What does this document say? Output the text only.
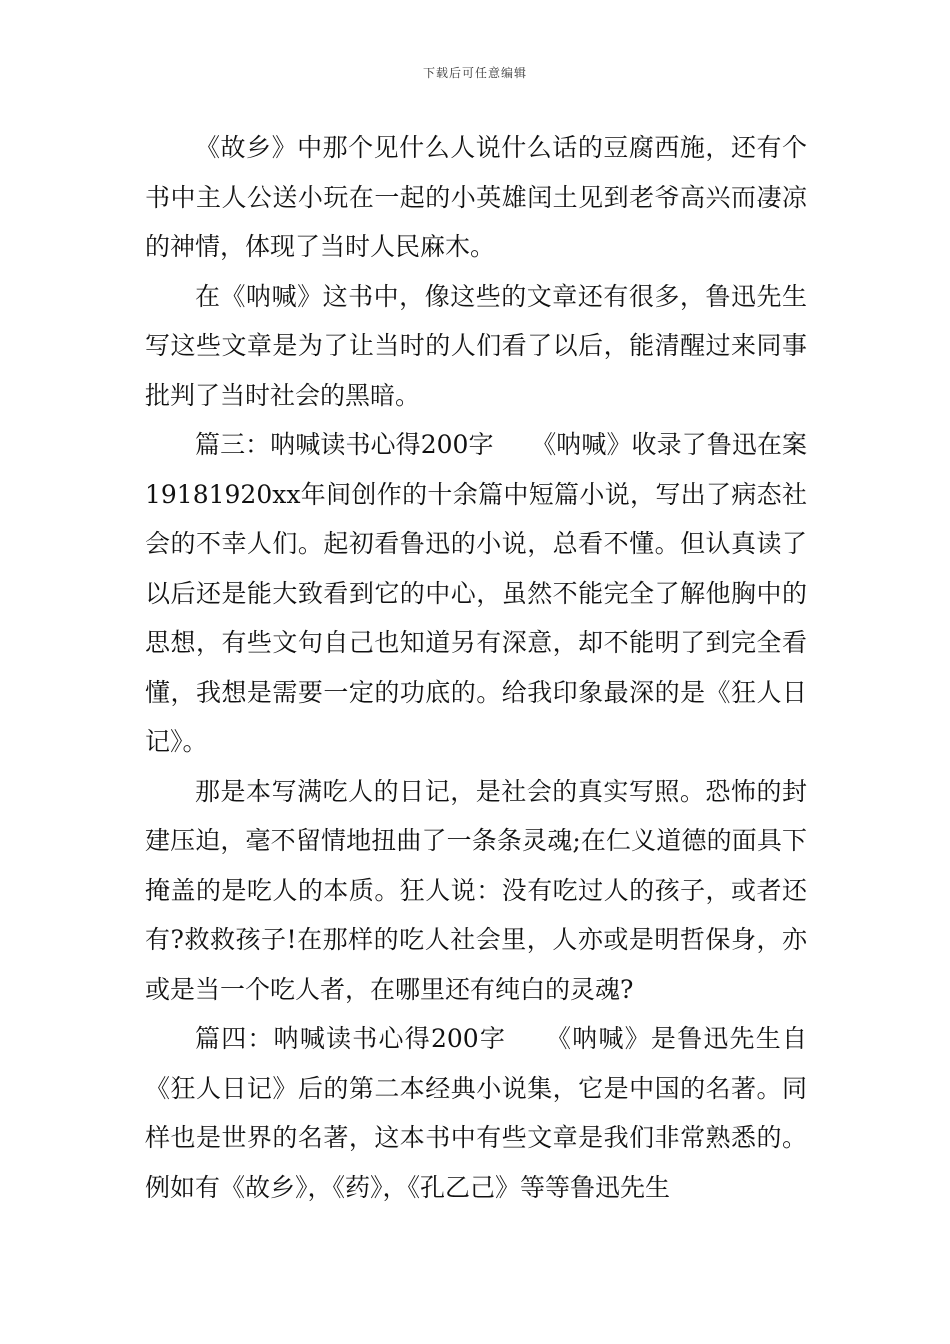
下载后可任意编辑

《故乡》中那个见什么人说什么话的豆腐西施，还有个书中主人公送小玩在一起的小英雄闰土见到老爷高兴而凄凉的神情，体现了当时人民麻木。

在《呐喊》这书中，像这些的文章还有很多，鲁迅先生写这些文章是为了让当时的人们看了以后，能清醒过来同事批判了当时社会的黑暗。

篇三：呐喊读书心得200字　　《呐喊》收录了鲁迅在案19181920xx年间创作的十余篇中短篇小说，写出了病态社会的不幸人们。起初看鲁迅的小说，总看不懂。但认真读了以后还是能大致看到它的中心，虽然不能完全了解他胸中的思想，有些文句自己也知道另有深意，却不能明了到完全看懂，我想是需要一定的功底的。给我印象最深的是《狂人日记》。

那是本写满吃人的日记，是社会的真实写照。恐怖的封建压迫，毫不留情地扭曲了一条条灵魂;在仁义道德的面具下掩盖的是吃人的本质。狂人说：没有吃过人的孩子，或者还有?救救孩子!在那样的吃人社会里，人亦或是明哲保身，亦或是当一个吃人者，在哪里还有纯白的灵魂?

篇四：呐喊读书心得200字　　《呐喊》是鲁迅先生自《狂人日记》后的第二本经典小说集，它是中国的名著。同样也是世界的名著，这本书中有些文章是我们非常熟悉的。例如有《故乡》，《药》，《孔乙己》等等鲁迅先生
